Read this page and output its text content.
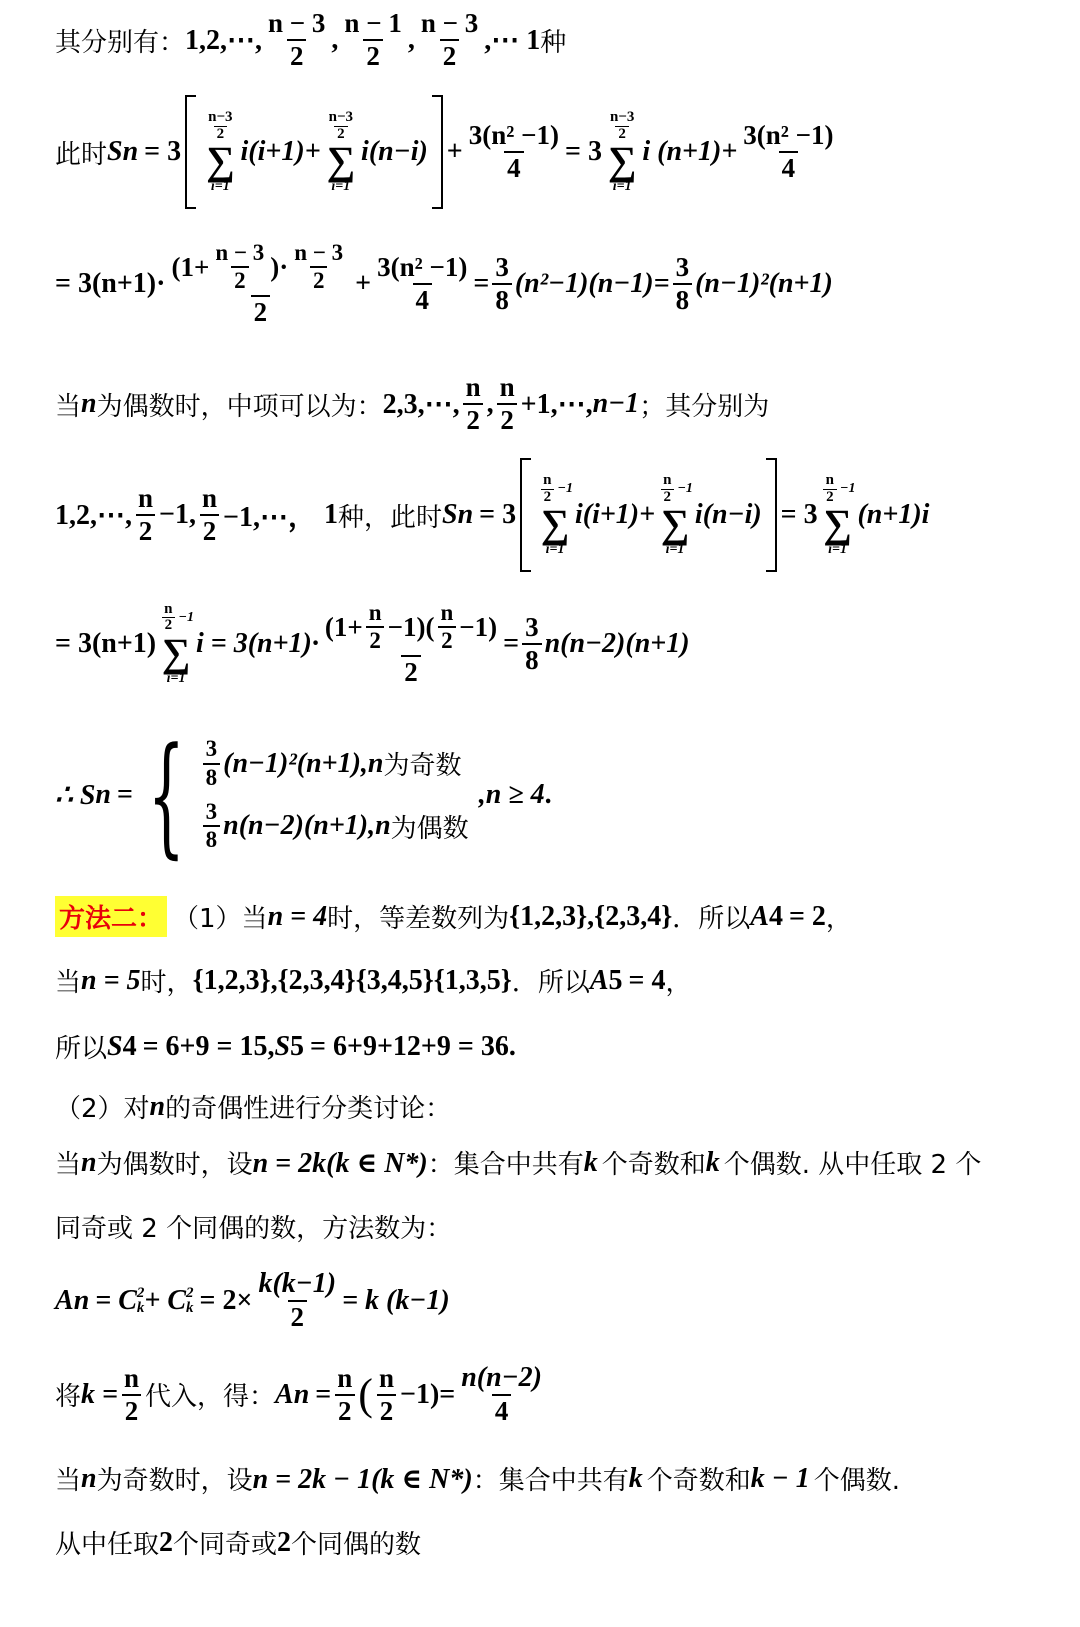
其分别有： 1,2,⋯, $\frac{n - 3}{2}$ , $\frac{n - 1}{2}$ , $\frac{n - 3}{2}$ ,⋯ 1 种
此时 S n = 3
$\frac{n-3}{2}$
∑
i=1
i(i+1)+
$\frac{n-3}{2}$
∑
i=1
$i(n-i) + \frac{\text{3(n² −1)}}{4} = 3$
$\frac{n-3}{2}$
∑
i=1
i $(n+1)+ \frac{\text{3(n² −1)}}{4}$
= $3(n+1)\cdot \frac{(1+ \frac{n - 3}{2} )\cdot \frac{n - 3}{2}}{2} + \frac{\text{3(n² −1)}}{4} = \frac{3}{8} (n^2-1)(n-1)= \frac{3}{8} (n-1)^2(n+1)$
当 n 为偶数时，中项可以为： 2,3,⋯, $\frac{n}{2}$ , $\frac{n}{2}$ +1,⋯, n−1 ；其分别为
1,2,⋯, $\frac{n}{2} -1$, $\frac{n}{2}$ −1,⋯， 1 种，此时 S n = 3
$\frac{n}{2} -1$
∑
i=1
i(i+1)+
$\frac{n}{2} -1$
∑
i=1
i(n−i) = 3
$\frac{n}{2} -1$
∑
i=1
(n+1)i
= 3(n+1)
$\frac{n}{2} -1$
∑
i=1
$i = 3(n+1)\cdot \frac{(1+ \frac{n}{2} -1)( \frac{n}{2} -1)}{2} = \frac{3}{8} n(n-2)(n+1)$
∴ S n = { $\frac{3}{8} (n-1)^2(n+1)$, n 为奇数
$\frac{3}{8} n(n-2)(n+1)$, n 为偶数
,n ≥ 4 .
方法二： （1）当 n = 4 时，等差数列为 {1,2,3},{2,3,4} ．所以 A 4 = 2 ，
当 n = 5 时， {1,2,3},{2,3,4}{3,4,5}{1,3,5} ．所以 A 5 = 4 ，
所以 S 4 = 6+9 = 15, S 5 = 6+9+12+9 = 36 .
（2）对 n 的奇偶性进行分类讨论：
当 n 为偶数时，设 n = 2k(k ∈ N*) ：集合中共有 k 个奇数和 k 个偶数. 从中任取 2 个
同奇或 2 个同偶的数，方法数为：
A n = C 2
k + C 2
$k = 2\times \frac{k(k-1)}{2} = k$ (k−1)
将 $k = \frac{n}{2}$ 代入，得： A $n = \frac{n}{2}$ ( $\frac{n}{2} -1) = \frac{n(n-2)}{4}$
当 n 为奇数时，设 n = 2k − 1(k ∈ N*) ：集合中共有 k 个奇数和 k − 1 个偶数.
从中任取 2 个同奇或 2 个同偶的数
